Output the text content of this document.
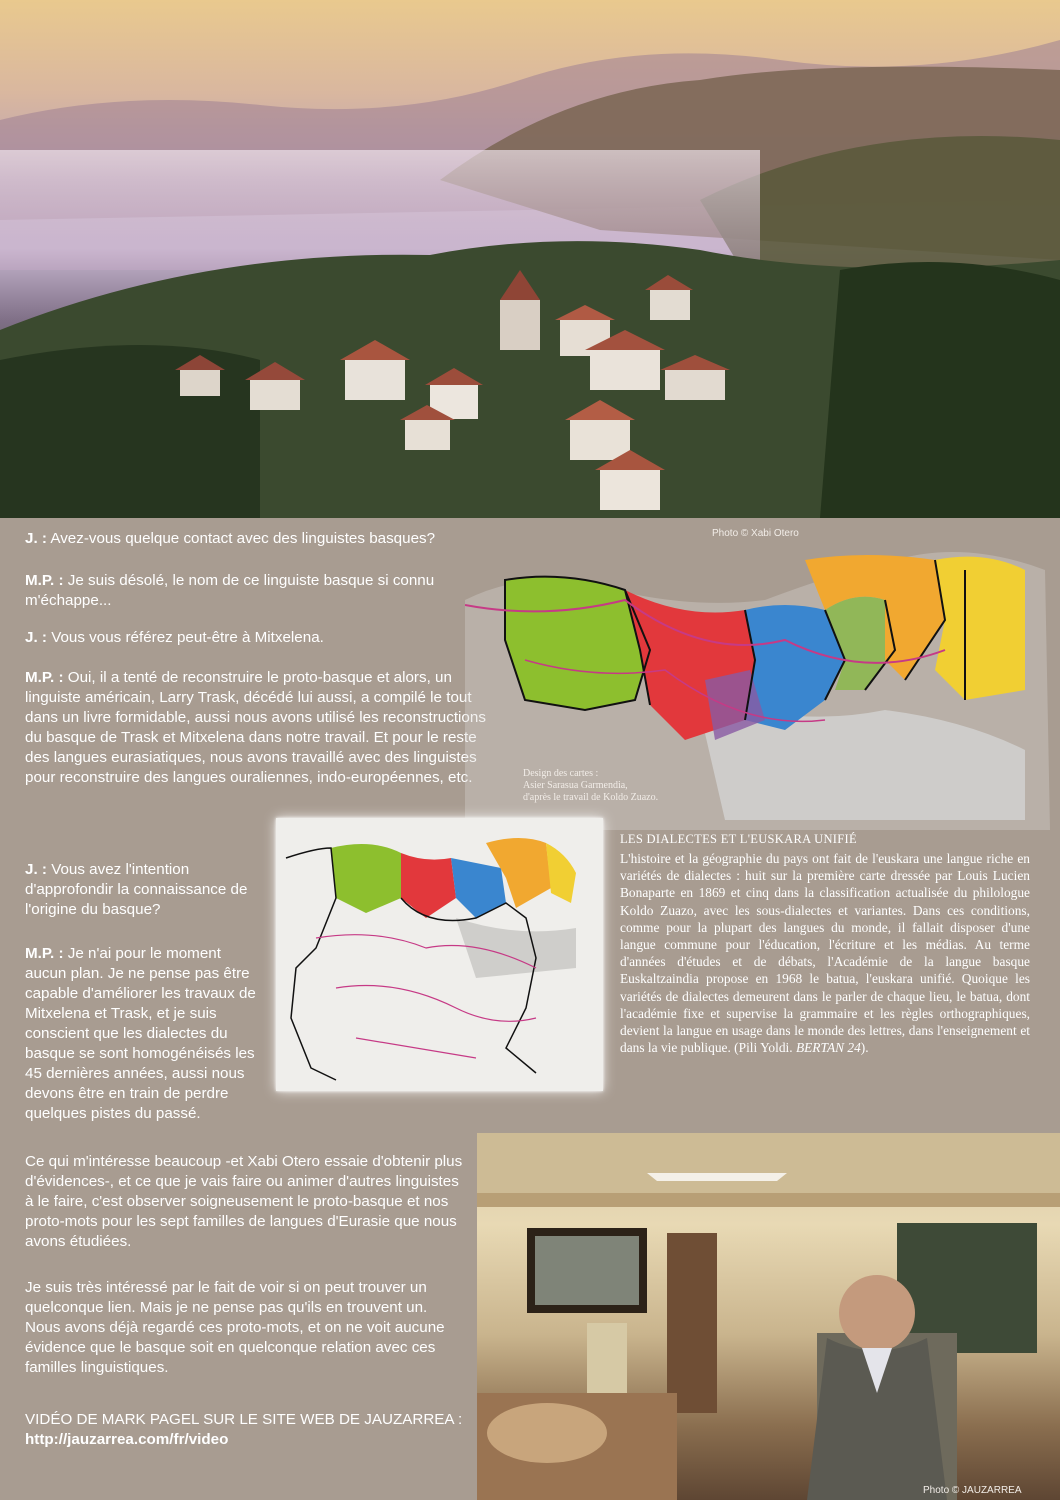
Photo © Xabi Otero
J. : Avez-vous quelque contact avec des linguistes basques?
M.P. : Je suis désolé, le nom de ce linguiste basque si connu m'échappe...
J. : Vous vous référez peut-être à Mitxelena.
M.P. : Oui, il a tenté de reconstruire le proto-basque et alors, un linguiste américain, Larry Trask, décédé lui aussi, a compilé le tout dans un livre formidable, aussi nous avons utilisé les reconstructions du basque de Trask et Mitxelena dans notre travail. Et pour le reste des langues eurasiatiques, nous avons travaillé avec des linguistes pour reconstruire des langues ouraliennes, indo-européennes, etc.
J. : Vous avez l'intention d'approfondir la connaissance de l'origine du basque?
M.P. : Je n'ai pour le moment aucun plan. Je ne pense pas être capable d'améliorer les travaux de Mitxelena et Trask, et je suis conscient que les dialectes du basque se sont homogénéisés les 45 dernières années, aussi nous devons être en train de perdre quelques pistes du passé.
Ce qui m'intéresse beaucoup -et Xabi Otero essaie d'obtenir plus d'évidences-, et ce que je vais faire ou animer d'autres linguistes à le faire, c'est observer soigneusement le proto-basque et nos proto-mots pour les sept familles de langues d'Eurasie que nous avons étudiées.
Je suis très intéressé par le fait de voir si on peut trouver un quelconque lien. Mais je ne pense pas qu'ils en trouvent un. Nous avons déjà regardé ces proto-mots, et on ne voit aucune évidence que le basque soit en quelconque relation avec ces familles linguistiques.
VIDÉO DE MARK PAGEL SUR LE SITE WEB DE JAUZARREA :
http://jauzarrea.com/fr/video
Design des cartes :
Asier Sarasua Garmendia,
d'après le travail de Koldo Zuazo.
LES DIALECTES ET L'EUSKARA UNIFIÉ
L'histoire et la géographie du pays ont fait de l'euskara une langue riche en variétés de dialectes : huit sur la première carte dressée par Louis Lucien Bonaparte en 1869 et cinq dans la classification actualisée du philologue Koldo Zuazo, avec les sous-dialectes et variantes. Dans ces conditions, comme pour la plupart des langues du monde, il fallait disposer d'une langue commune pour l'éducation, l'écriture et les médias. Au terme d'années d'études et de débats, l'Académie de la langue basque Euskaltzaindia propose en 1968 le batua, l'euskara unifié. Quoique les variétés de dialectes demeurent dans le parler de chaque lieu, le batua, dont l'académie fixe et supervise la grammaire et les règles orthographiques, devient la langue en usage dans le monde des lettres, dans l'enseignement et dans la vie publique. (Pili Yoldi. BERTAN 24).
Photo © JAUZARREA
